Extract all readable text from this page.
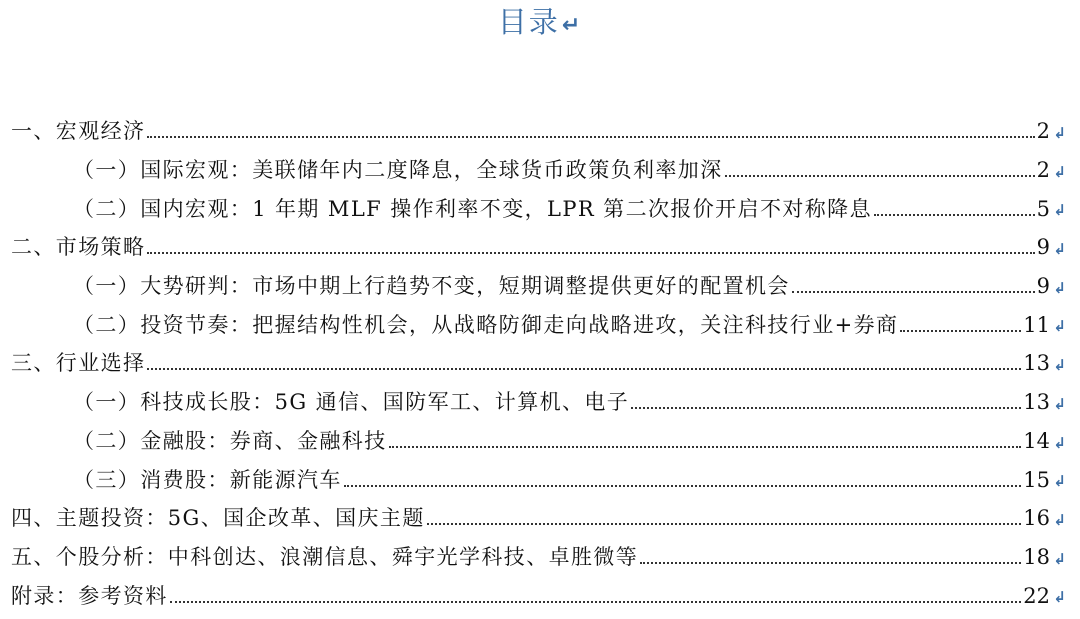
目录↵
一、宏观经济	2 ↲
（一）国际宏观：美联储年内二度降息，全球货币政策负利率加深	2 ↲
（二）国内宏观：1 年期 MLF 操作利率不变，LPR 第二次报价开启不对称降息	5 ↲
二、市场策略	9 ↲
（一）大势研判：市场中期上行趋势不变，短期调整提供更好的配置机会	9 ↲
（二）投资节奏：把握结构性机会，从战略防御走向战略进攻，关注科技行业+券商	11 ↲
三、行业选择	13 ↲
（一）科技成长股：5G 通信、国防军工、计算机、电子	13 ↲
（二）金融股：券商、金融科技	14 ↲
（三）消费股：新能源汽车	15 ↲
四、主题投资：5G、国企改革、国庆主题	16 ↲
五、个股分析：中科创达、浪潮信息、舜宇光学科技、卓胜微等	18 ↲
附录：参考资料	22 ↲
